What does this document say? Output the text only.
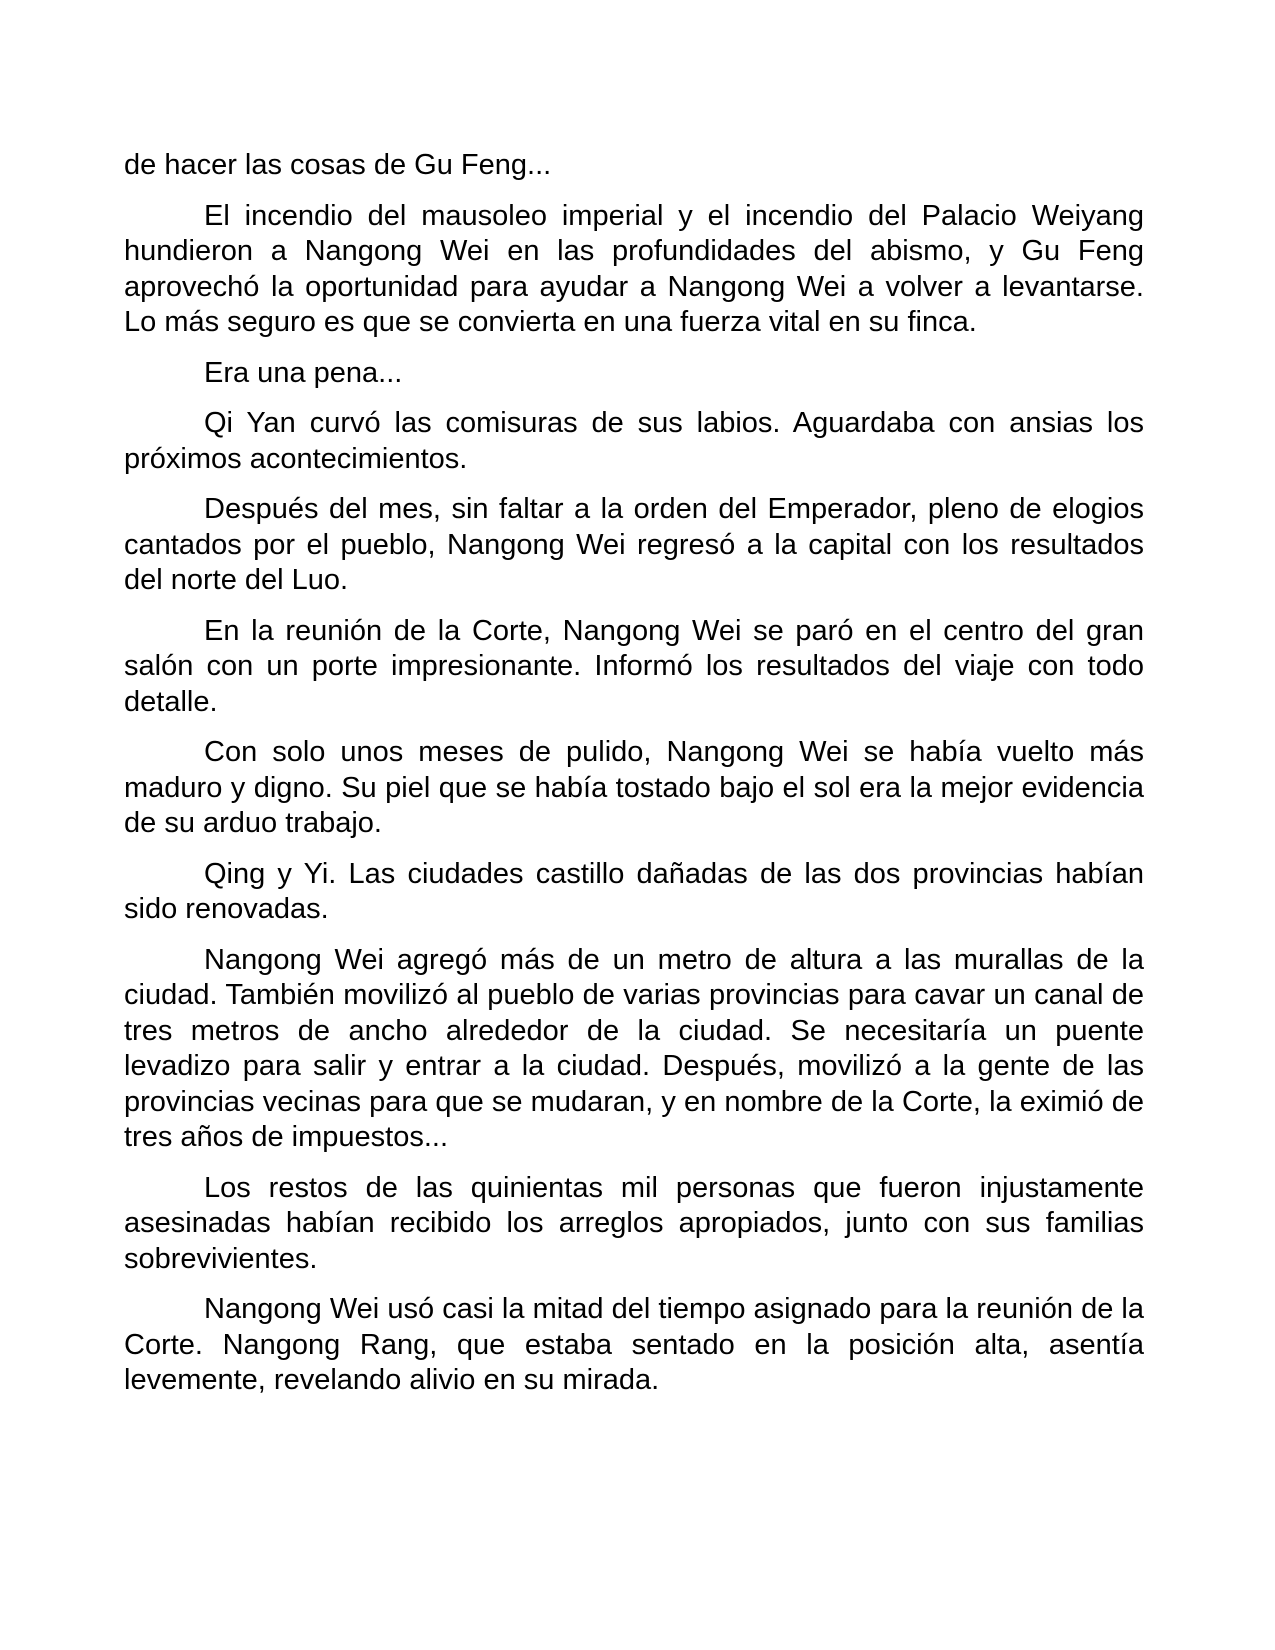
de hacer las cosas de Gu Feng...

El incendio del mausoleo imperial y el incendio del Palacio Weiyang hundieron a Nangong Wei en las profundidades del abismo, y Gu Feng aprovechó la oportunidad para ayudar a Nangong Wei a volver a levantarse. Lo más seguro es que se convierta en una fuerza vital en su finca.

Era una pena...

Qi Yan curvó las comisuras de sus labios. Aguardaba con ansias los próximos acontecimientos.

Después del mes, sin faltar a la orden del Emperador, pleno de elogios cantados por el pueblo, Nangong Wei regresó a la capital con los resultados del norte del Luo.

En la reunión de la Corte, Nangong Wei se paró en el centro del gran salón con un porte impresionante. Informó los resultados del viaje con todo detalle.

Con solo unos meses de pulido, Nangong Wei se había vuelto más maduro y digno. Su piel que se había tostado bajo el sol era la mejor evidencia de su arduo trabajo.

Qing y Yi. Las ciudades castillo dañadas de las dos provincias habían sido renovadas.

Nangong Wei agregó más de un metro de altura a las murallas de la ciudad. También movilizó al pueblo de varias provincias para cavar un canal de tres metros de ancho alrededor de la ciudad. Se necesitaría un puente levadizo para salir y entrar a la ciudad. Después, movilizó a la gente de las provincias vecinas para que se mudaran, y en nombre de la Corte, la eximió de tres años de impuestos...

Los restos de las quinientas mil personas que fueron injustamente asesinadas habían recibido los arreglos apropiados, junto con sus familias sobrevivientes.

Nangong Wei usó casi la mitad del tiempo asignado para la reunión de la Corte. Nangong Rang, que estaba sentado en la posición alta, asentía levemente, revelando alivio en su mirada.
